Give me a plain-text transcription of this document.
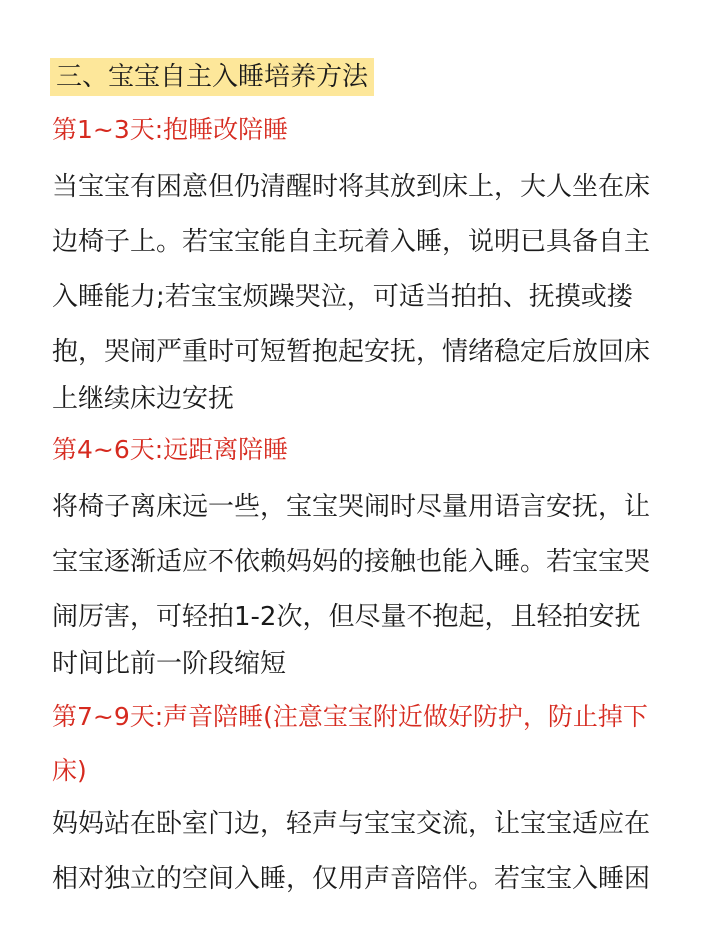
三、宝宝自主入睡培养方法
第1~3天:抱睡改陪睡
当宝宝有困意但仍清醒时将其放到床上，大人坐在床
边椅子上。若宝宝能自主玩着入睡，说明已具备自主
入睡能力;若宝宝烦躁哭泣，可适当拍拍、抚摸或搂
抱，哭闹严重时可短暂抱起安抚，情绪稳定后放回床
上继续床边安抚
第4~6天:远距离陪睡
将椅子离床远一些，宝宝哭闹时尽量用语言安抚，让
宝宝逐渐适应不依赖妈妈的接触也能入睡。若宝宝哭
闹厉害，可轻拍1-2次，但尽量不抱起，且轻拍安抚
时间比前一阶段缩短
第7~9天:声音陪睡(注意宝宝附近做好防护，防止掉下
床)
妈妈站在卧室门边，轻声与宝宝交流，让宝宝适应在
相对独立的空间入睡，仅用声音陪伴。若宝宝入睡困
